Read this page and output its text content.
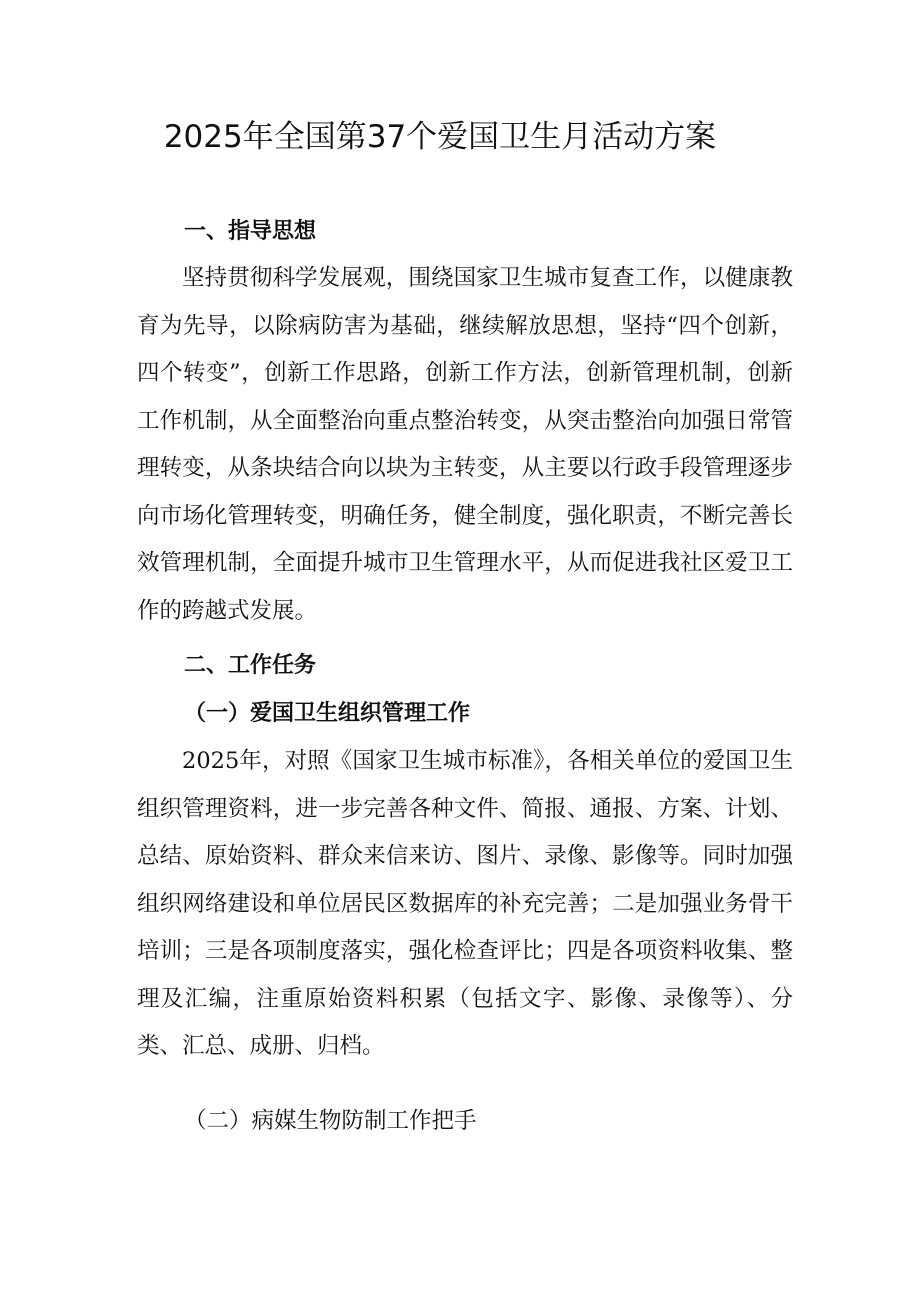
2025年全国第37个爱国卫生月活动方案
一、指导思想
坚持贯彻科学发展观，围绕国家卫生城市复查工作，以健康教育为先导，以除病防害为基础，继续解放思想，坚持“四个创新，四个转变”，创新工作思路，创新工作方法，创新管理机制，创新工作机制，从全面整治向重点整治转变，从突击整治向加强日常管理转变，从条块结合向以块为主转变，从主要以行政手段管理逐步向市场化管理转变，明确任务，健全制度，强化职责，不断完善长效管理机制，全面提升城市卫生管理水平，从而促进我社区爱卫工作的跨越式发展。
二、工作任务
（一）爱国卫生组织管理工作
2025年，对照《国家卫生城市标准》，各相关单位的爱国卫生组织管理资料，进一步完善各种文件、简报、通报、方案、计划、总结、原始资料、群众来信来访、图片、录像、影像等。同时加强组织网络建设和单位居民区数据库的补充完善；二是加强业务骨干培训；三是各项制度落实，强化检查评比；四是各项资料收集、整理及汇编，注重原始资料积累（包括文字、影像、录像等）、分类、汇总、成册、归档。
（二）病媒生物防制工作把手
